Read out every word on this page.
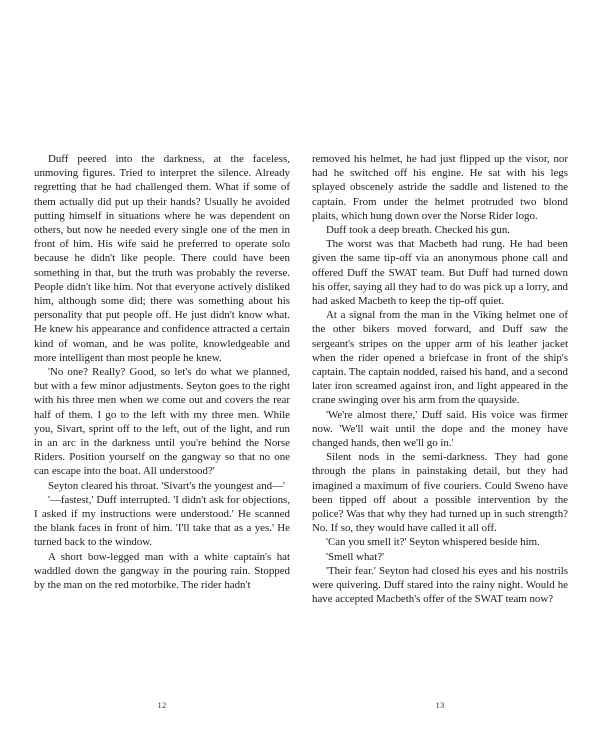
Duff peered into the darkness, at the faceless, unmoving figures. Tried to interpret the silence. Already regretting that he had challenged them. What if some of them actually did put up their hands? Usually he avoided putting himself in situations where he was dependent on others, but now he needed every single one of the men in front of him. His wife said he preferred to operate solo because he didn't like people. There could have been something in that, but the truth was probably the reverse. People didn't like him. Not that everyone actively disliked him, although some did; there was something about his personality that put people off. He just didn't know what. He knew his appearance and confidence attracted a certain kind of woman, and he was polite, knowledgeable and more intelligent than most people he knew.

'No one? Really? Good, so let's do what we planned, but with a few minor adjustments. Seyton goes to the right with his three men when we come out and covers the rear half of them. I go to the left with my three men. While you, Sivart, sprint off to the left, out of the light, and run in an arc in the darkness until you're behind the Norse Riders. Position yourself on the gangway so that no one can escape into the boat. All understood?'

Seyton cleared his throat. 'Sivart's the youngest and—'

'—fastest,' Duff interrupted. 'I didn't ask for objections, I asked if my instructions were understood.' He scanned the blank faces in front of him. 'I'll take that as a yes.' He turned back to the window.

A short bow-legged man with a white captain's hat waddled down the gangway in the pouring rain. Stopped by the man on the red motorbike. The rider hadn't

removed his helmet, he had just flipped up the visor, nor had he switched off his engine. He sat with his legs splayed obscenely astride the saddle and listened to the captain. From under the helmet protruded two blond plaits, which hung down over the Norse Rider logo.

Duff took a deep breath. Checked his gun.

The worst was that Macbeth had rung. He had been given the same tip-off via an anonymous phone call and offered Duff the SWAT team. But Duff had turned down his offer, saying all they had to do was pick up a lorry, and had asked Macbeth to keep the tip-off quiet.

At a signal from the man in the Viking helmet one of the other bikers moved forward, and Duff saw the sergeant's stripes on the upper arm of his leather jacket when the rider opened a briefcase in front of the ship's captain. The captain nodded, raised his hand, and a second later iron screamed against iron, and light appeared in the crane swinging over his arm from the quayside.

'We're almost there,' Duff said. His voice was firmer now. 'We'll wait until the dope and the money have changed hands, then we'll go in.'

Silent nods in the semi-darkness. They had gone through the plans in painstaking detail, but they had imagined a maximum of five couriers. Could Sweno have been tipped off about a possible intervention by the police? Was that why they had turned up in such strength? No. If so, they would have called it all off.

'Can you smell it?' Seyton whispered beside him.

'Smell what?'

'Their fear.' Seyton had closed his eyes and his nostrils were quivering. Duff stared into the rainy night. Would he have accepted Macbeth's offer of the SWAT team now?

12	13
